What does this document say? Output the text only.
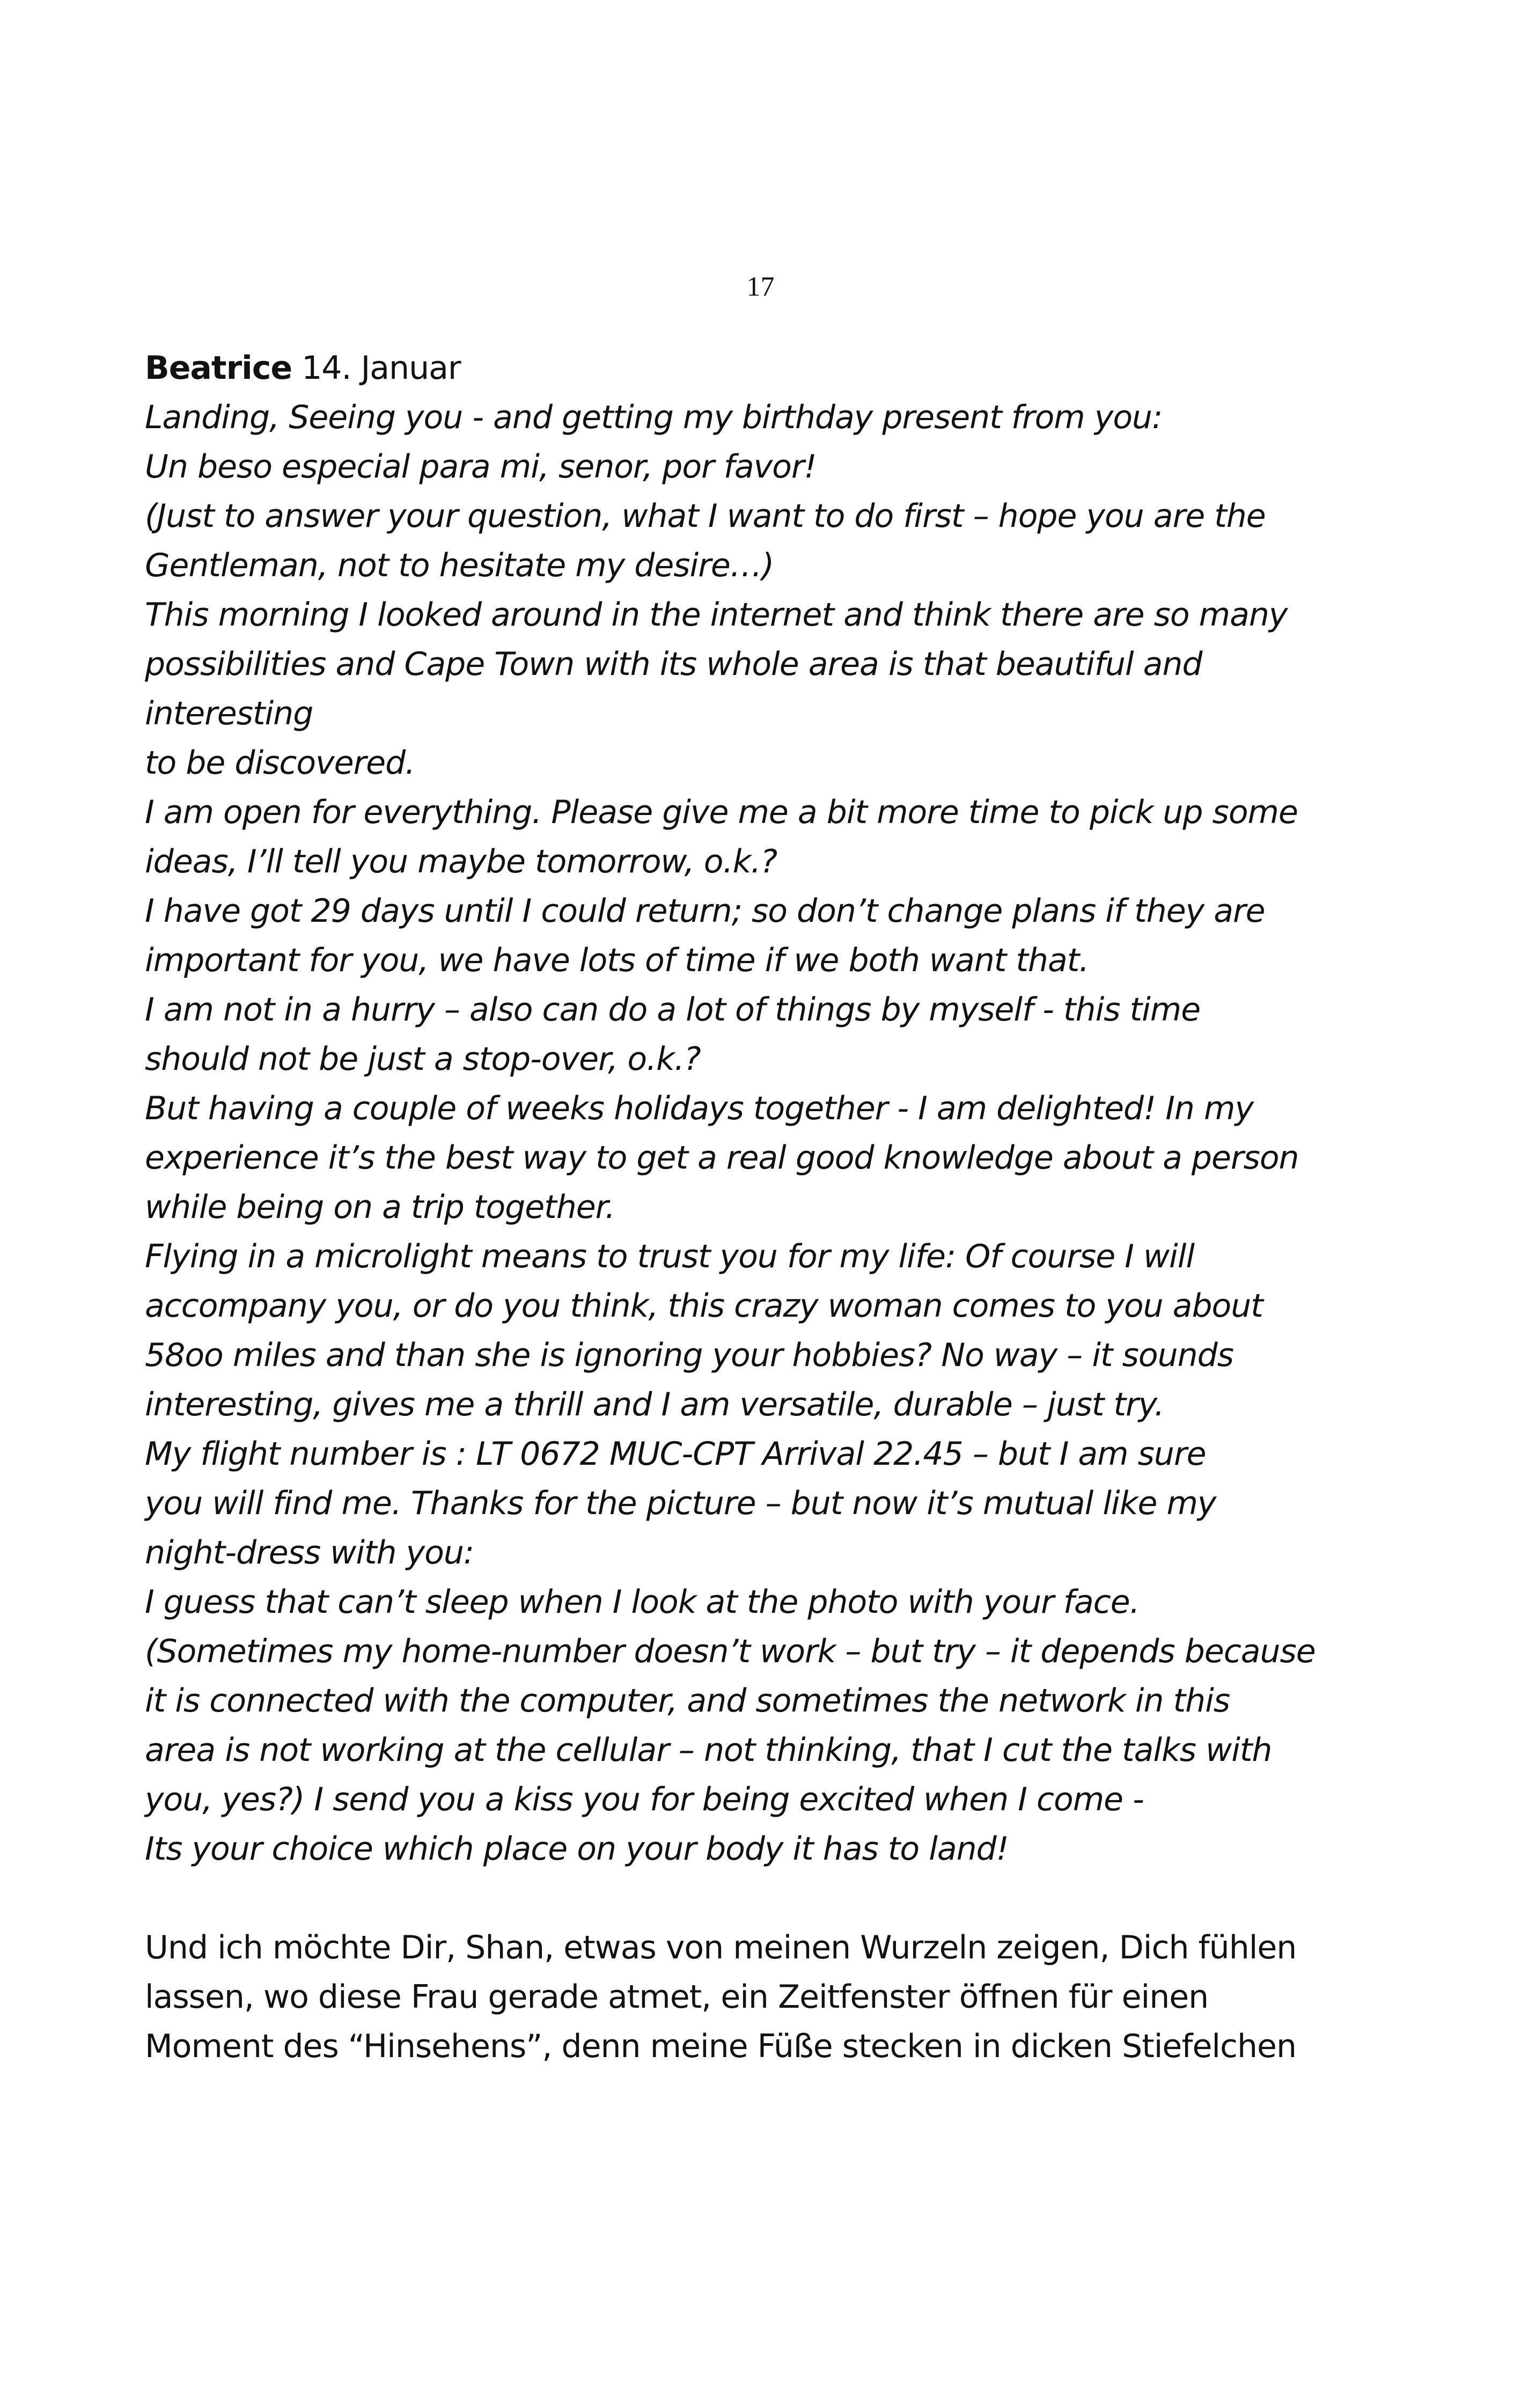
17
Beatrice 14. Januar
Landing, Seeing you - and getting my birthday present from you:
Un beso especial para mi, senor, por favor!
(Just to answer your question, what I want to do first – hope you are the
Gentleman, not to hesitate my desire…)
This morning I looked around in the internet and think there are so many
possibilities and Cape Town with its whole area is that beautiful and
interesting
to be discovered.
I am open for everything. Please give me a bit more time to pick up some
ideas, I’ll tell you maybe tomorrow, o.k.?
I have got 29 days until I could return; so don’t change plans if they are
important for you, we have lots of time if we both want that.
I am not in a hurry – also can do a lot of things by myself - this time
should not be just a stop-over, o.k.?
But having a couple of weeks holidays together - I am delighted! In my
experience it’s the best way to get a real good knowledge about a person
while being on a trip together.
Flying in a microlight means to trust you for my life: Of course I will
accompany you, or do you think, this crazy woman comes to you about
58oo miles and than she is ignoring your hobbies? No way – it sounds
interesting, gives me a thrill and I am versatile, durable – just try.
My flight number is : LT 0672 MUC-CPT Arrival 22.45 – but I am sure
you will find me. Thanks for the picture – but now it’s mutual like my
night-dress with you:
I guess that can’t sleep when I look at the photo with your face.
(Sometimes my home-number doesn’t work – but try – it depends because
it is connected with the computer, and sometimes the network in this
area is not working at the cellular – not thinking, that I cut the talks with
you, yes?) I send you a kiss you for being excited when I come -
Its your choice which place on your body it has to land!
Und ich möchte Dir, Shan, etwas von meinen Wurzeln zeigen, Dich fühlen
lassen, wo diese Frau gerade atmet, ein Zeitfenster öffnen für einen
Moment des “Hinsehens”, denn meine Füße stecken in dicken Stiefelchen
